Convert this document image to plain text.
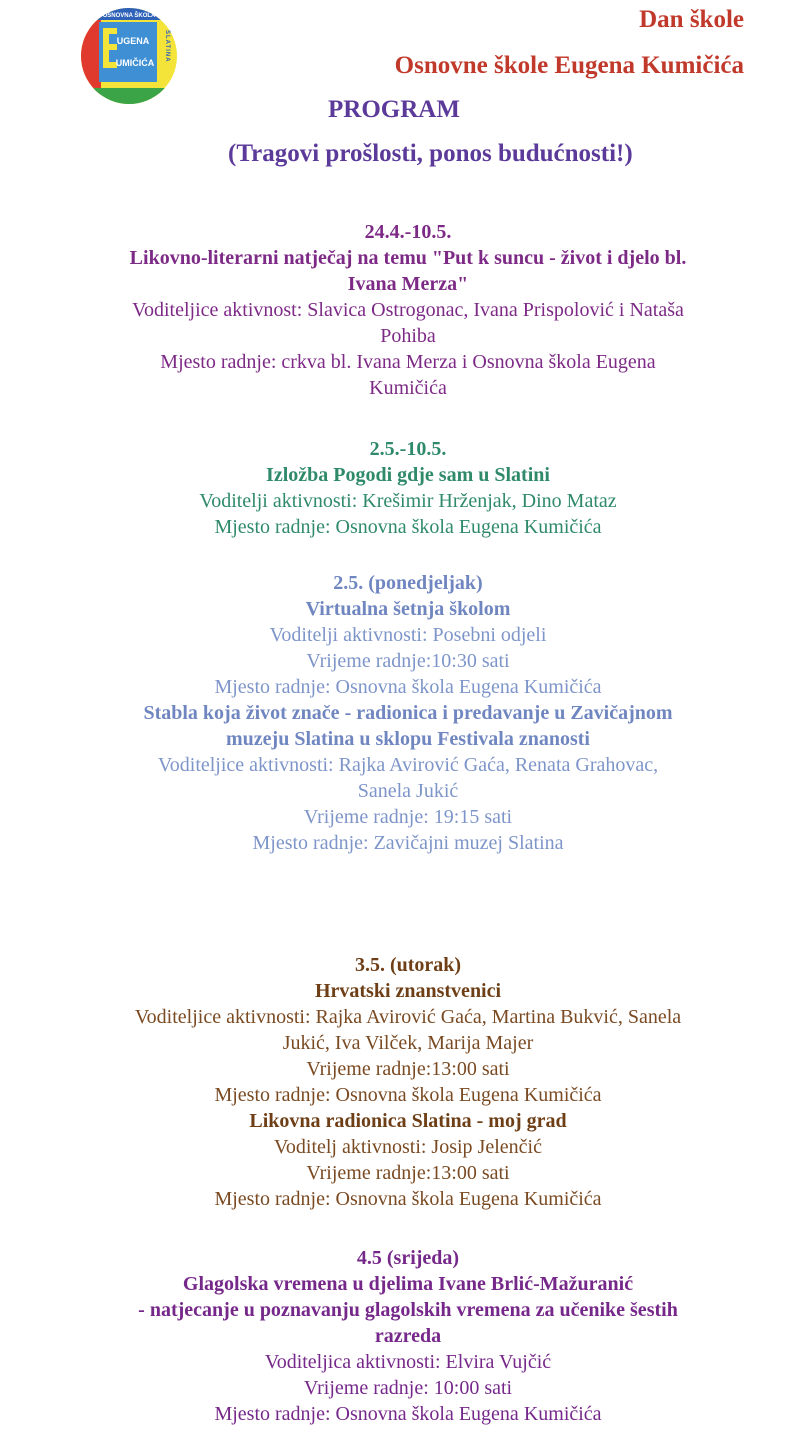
OSNOVNA ŠKOLA
UGENA
UMIČIĆA
SLATINA
Dan škole
Osnovne škole Eugena Kumičića
PROGRAM
(Tragovi prošlosti, ponos budućnosti!)
24.4.-10.5.
Likovno-literarni natječaj na temu "Put k suncu - život i djelo bl.
Ivana Merza"
Voditeljice aktivnost: Slavica Ostrogonac, Ivana Prispolović i Nataša
Pohiba
Mjesto radnje: crkva bl. Ivana Merza i Osnovna škola Eugena
Kumičića
2.5.-10.5.
Izložba Pogodi gdje sam u Slatini
Voditelji aktivnosti: Krešimir Hrženjak, Dino Mataz
Mjesto radnje: Osnovna škola Eugena Kumičića
2.5. (ponedjeljak)
Virtualna šetnja školom
Voditelji aktivnosti: Posebni odjeli
Vrijeme radnje:10:30 sati
Mjesto radnje: Osnovna škola Eugena Kumičića
Stabla koja život znače - radionica i predavanje u Zavičajnom
muzeju Slatina u sklopu Festivala znanosti
Voditeljice aktivnosti: Rajka Avirović Gaća, Renata Grahovac,
Sanela Jukić
Vrijeme radnje: 19:15 sati
Mjesto radnje: Zavičajni muzej Slatina
3.5. (utorak)
Hrvatski znanstvenici
Voditeljice aktivnosti: Rajka Avirović Gaća, Martina Bukvić, Sanela
Jukić, Iva Vilček, Marija Majer
Vrijeme radnje:13:00 sati
Mjesto radnje: Osnovna škola Eugena Kumičića
Likovna radionica Slatina - moj grad
Voditelj aktivnosti: Josip Jelenčić
Vrijeme radnje:13:00 sati
Mjesto radnje: Osnovna škola Eugena Kumičića
4.5 (srijeda)
Glagolska vremena u djelima Ivane Brlić-Mažuranić
- natjecanje u poznavanju glagolskih vremena za učenike šestih
razreda
Voditeljica aktivnosti: Elvira Vujčić
Vrijeme radnje: 10:00 sati
Mjesto radnje: Osnovna škola Eugena Kumičića
